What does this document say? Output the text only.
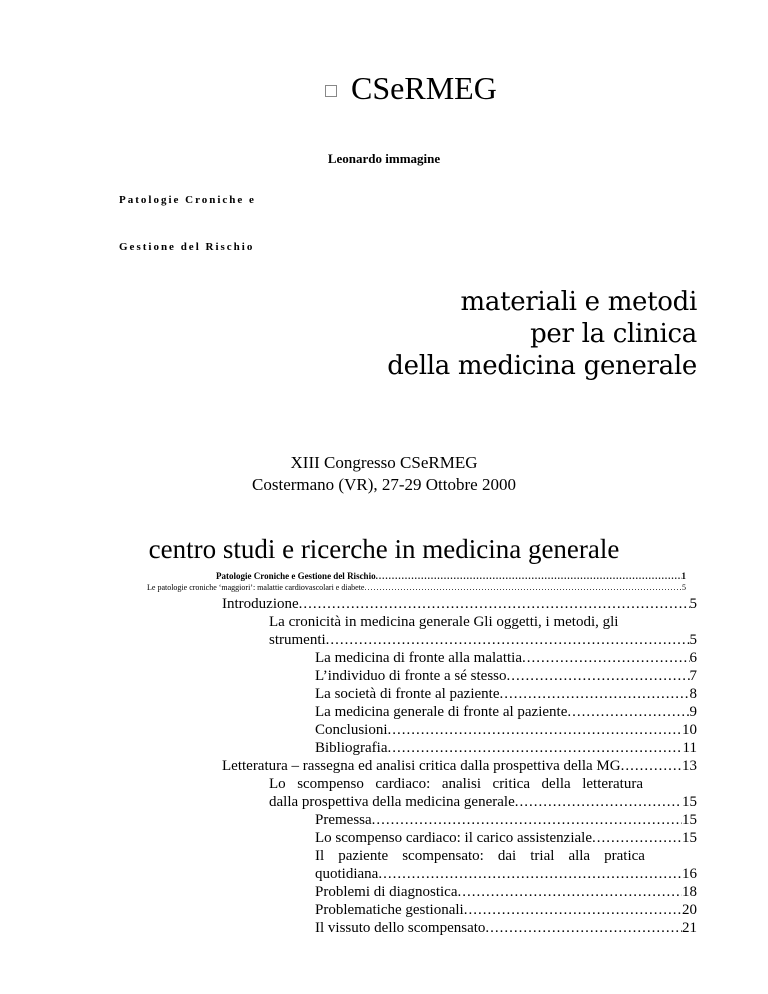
CSeRMEG
Leonardo immagine
Patologie Croniche e
Gestione del Rischio
materiali e metodi
per la clinica
della medicina generale
XIII Congresso CSeRMEG
Costermano (VR), 27-29 Ottobre 2000
centro studi e ricerche in medicina generale
Patologie Croniche e Gestione del Rischio .....	1
Le patologie croniche ‘maggiori’: malattie cardiovascolari e diabete .....	5
Introduzione .....	5
La cronicità in medicina generale Gli oggetti, i metodi, gli
strumenti .....	5
La medicina di fronte alla malattia .....	6
L’individuo di fronte a sé stesso .....	7
La società di fronte al paziente .....	8
La medicina generale di fronte al paziente .....	9
Conclusioni .....	10
Bibliografia .....	11
Letteratura – rassegna ed analisi critica dalla prospettiva della MG .....	13
Lo scompenso cardiaco: analisi critica della letteratura
dalla prospettiva della medicina generale .....	15
Premessa .....	15
Lo scompenso cardiaco: il carico assistenziale .....	15
Il paziente scompensato: dai trial alla pratica
quotidiana .....	16
Problemi di diagnostica .....	18
Problematiche gestionali .....	20
Il vissuto dello scompensato .....	21
